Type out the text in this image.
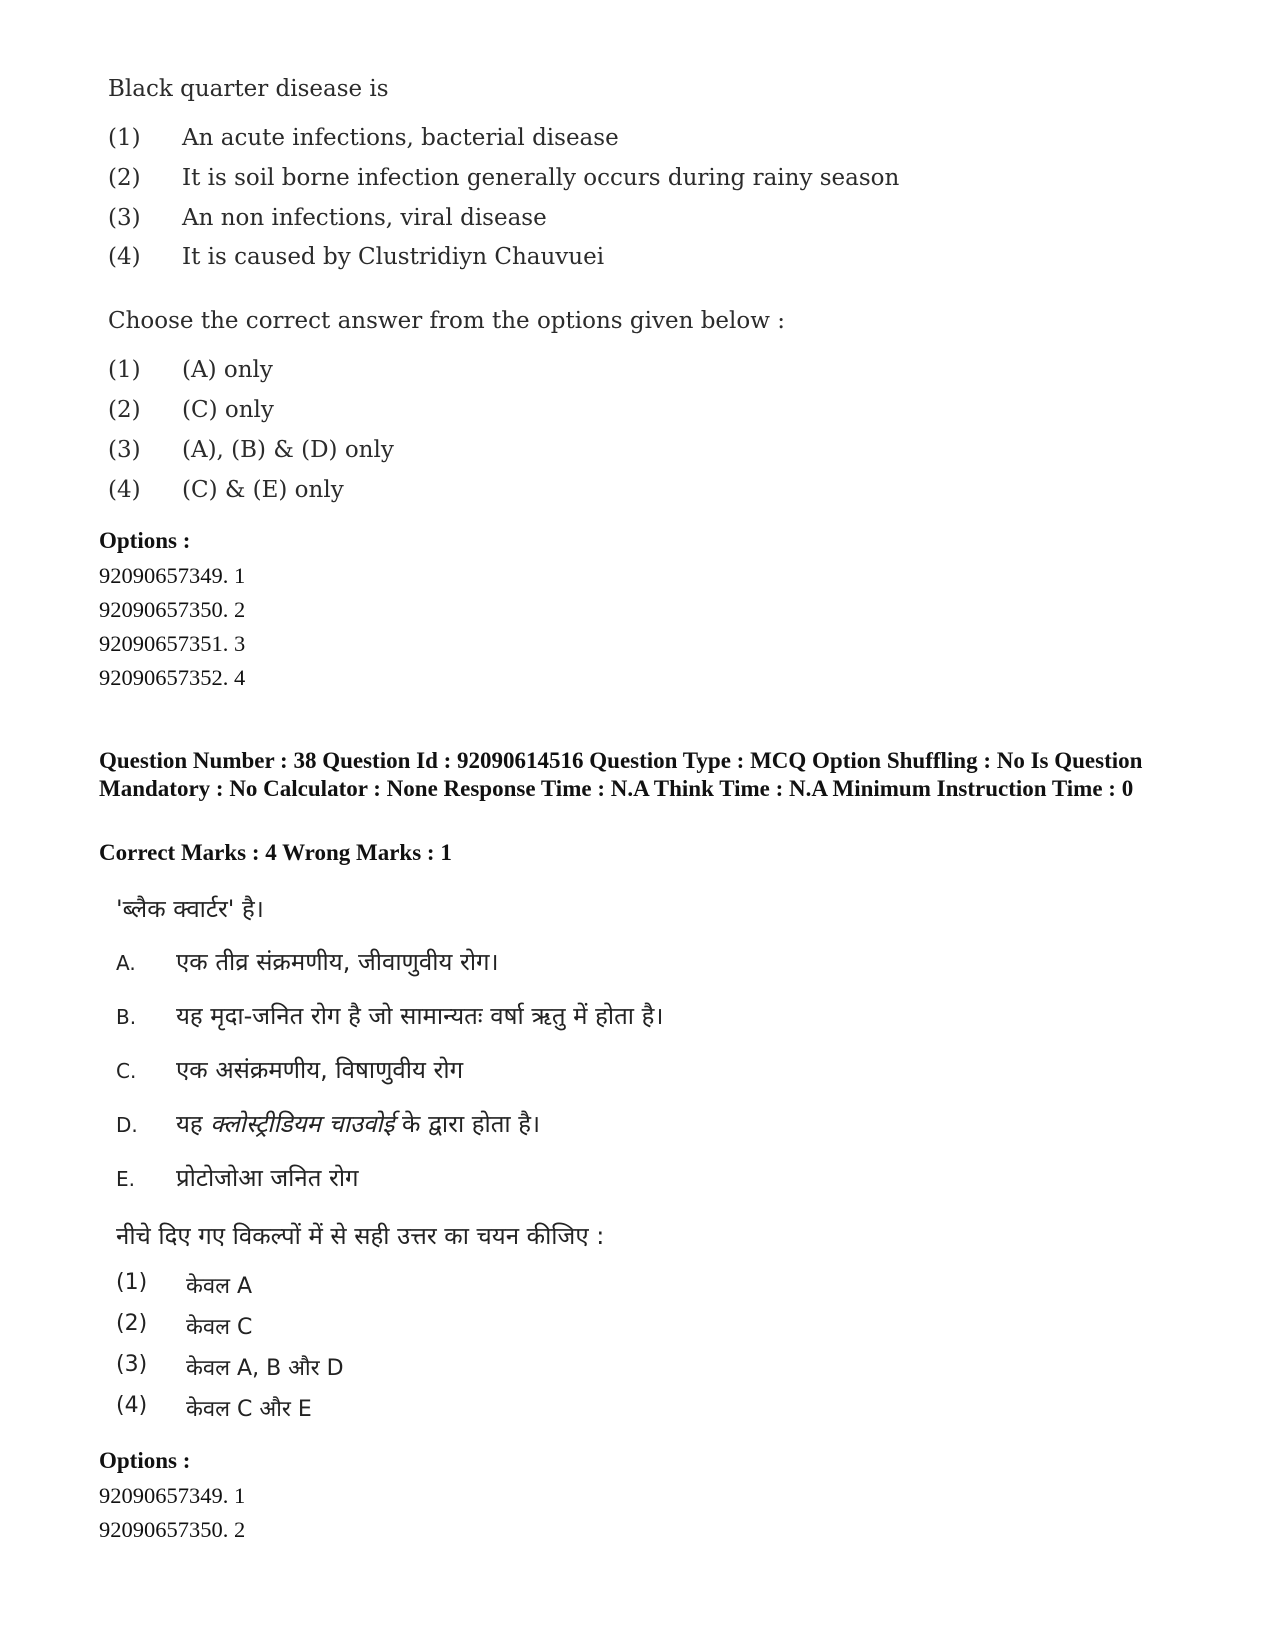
Black quarter disease is
(1) An acute infections, bacterial disease
(2) It is soil borne infection generally occurs during rainy season
(3) An non infections, viral disease
(4) It is caused by Clustridiyn Chauvuei
Choose the correct answer from the options given below :
(1) (A) only
(2) (C) only
(3) (A), (B) & (D) only
(4) (C) & (E) only
Options :
92090657349. 1
92090657350. 2
92090657351. 3
92090657352. 4
Question Number : 38 Question Id : 92090614516 Question Type : MCQ Option Shuffling : No Is Question Mandatory : No Calculator : None Response Time : N.A Think Time : N.A Minimum Instruction Time : 0
Correct Marks : 4 Wrong Marks : 1
'ब्लैक क्वार्टर' है।
A. एक तीव्र संक्रमणीय, जीवाणुवीय रोग।
B. यह मृदा-जनित रोग है जो सामान्यतः वर्षा ऋतु में होता है।
C. एक असंक्रमणीय, विषाणुवीय रोग
D. यह क्लोस्ट्रीडियम चाउवोई के द्वारा होता है।
E. प्रोटोजोआ जनित रोग
नीचे दिए गए विकल्पों में से सही उत्तर का चयन कीजिए :
(1) केवल A
(2) केवल C
(3) केवल A, B और D
(4) केवल C और E
Options :
92090657349. 1
92090657350. 2
